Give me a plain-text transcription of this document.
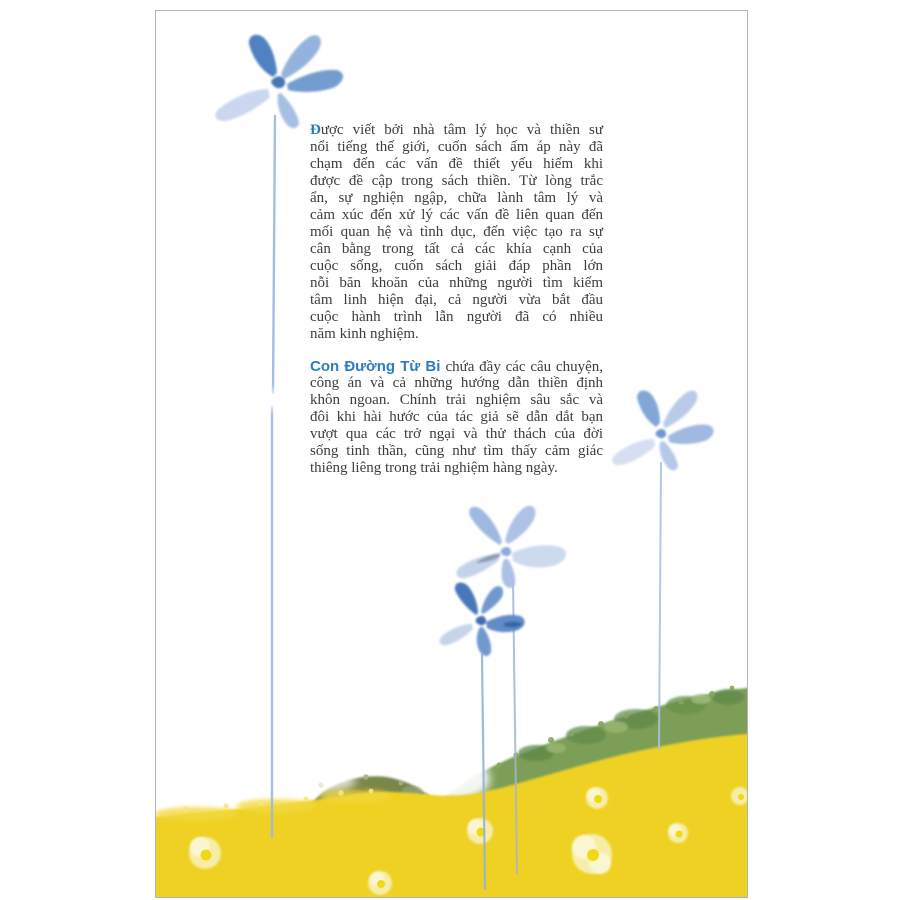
Được viết bởi nhà tâm lý học và thiền sư
nổi tiếng thế giới, cuốn sách ấm áp này đã
chạm đến các vấn đề thiết yếu hiếm khi
được đề cập trong sách thiền. Từ lòng trắc
ẩn, sự nghiện ngập, chữa lành tâm lý và
cảm xúc đến xử lý các vấn đề liên quan đến
mối quan hệ và tình dục, đến việc tạo ra sự
cân bằng trong tất cả các khía cạnh của
cuộc sống, cuốn sách giải đáp phần lớn
nỗi băn khoăn của những người tìm kiếm
tâm linh hiện đại, cả người vừa bắt đầu
cuộc hành trình lẫn người đã có nhiều
năm kinh nghiệm.
Con Đường Từ Bi chứa đầy các câu chuyện,
công án và cả những hướng dẫn thiền định
khôn ngoan. Chính trải nghiệm sâu sắc và
đôi khi hài hước của tác giả sẽ dẫn dắt bạn
vượt qua các trở ngại và thử thách của đời
sống tinh thần, cũng như tìm thấy cảm giác
thiêng liêng trong trải nghiệm hàng ngày.
